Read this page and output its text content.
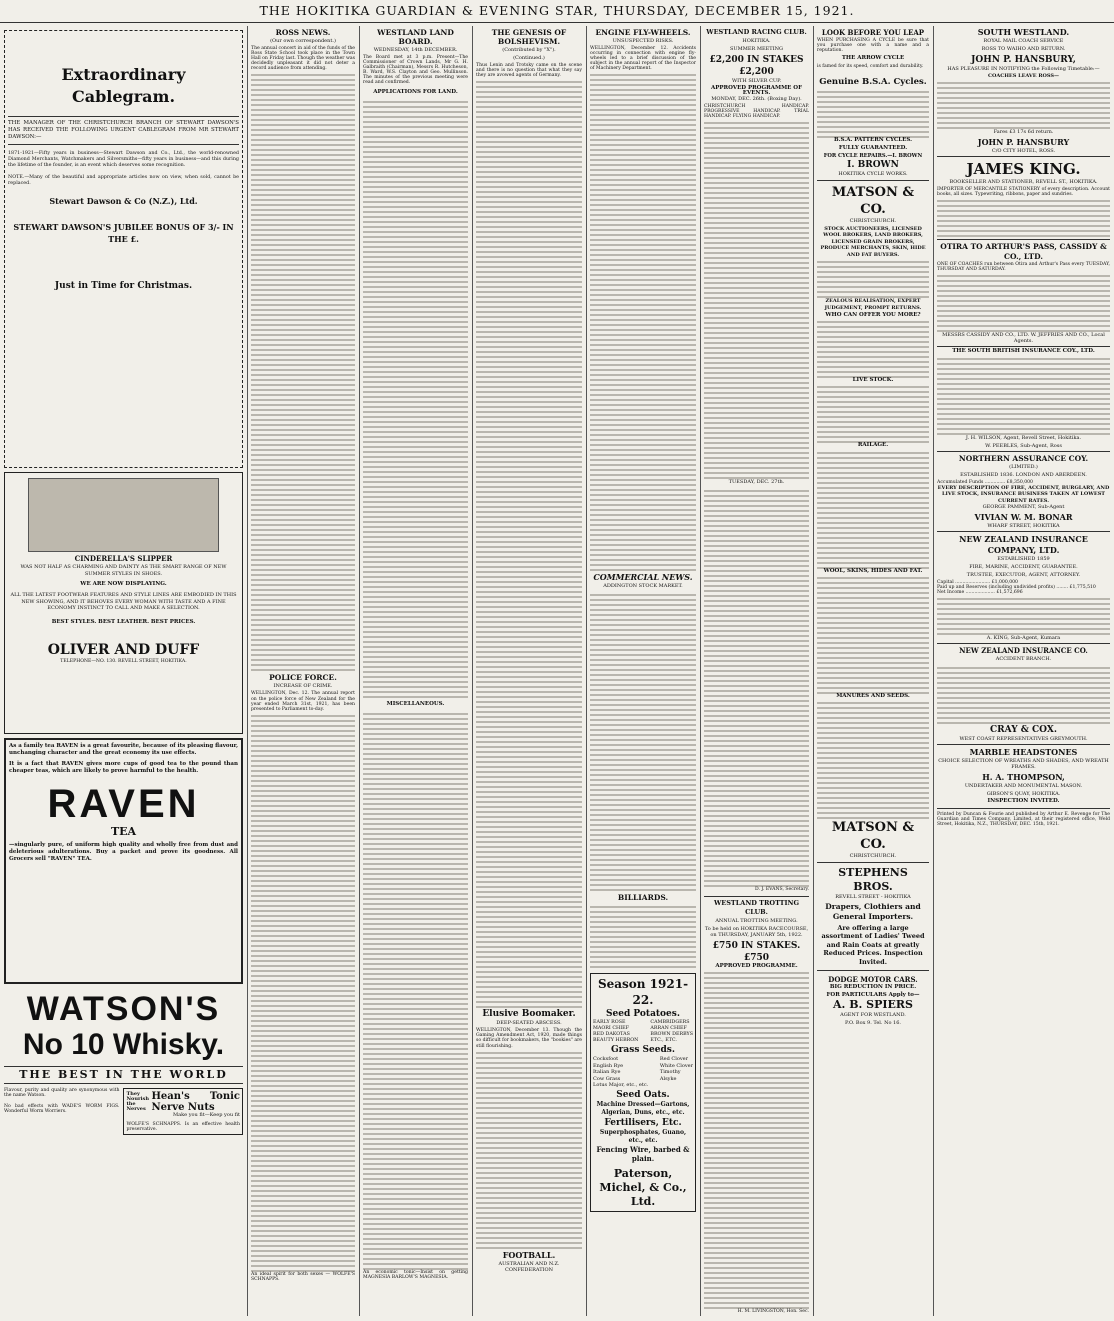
THE HOKITIKA GUARDIAN & EVENING STAR, THURSDAY, DECEMBER 15, 1921.
Extraordinary Cablegram.
THE MANAGER OF THE CHRISTCHURCH BRANCH OF STEWART DAWSON'S HAS RECEIVED THE FOLLOWING URGENT CABLEGRAM FROM MR STEWART DAWSON:—
1871-1921—Fifty years in business—Stewart Dawson and Co., Ltd., the world-renowned Diamond Merchants, Watchmakers and Silversmiths—fifty years in business—and this during the lifetime of the founder, is an event which deserves some recognition.
NOTE.—Many of the beautiful and appropriate articles now on view, when sold, cannot be replaced.
Stewart Dawson & Co (N.Z.), Ltd.
STEWART DAWSON'S JUBILEE BONUS OF 3/- IN THE £.
Just in Time for Christmas.
CINDERELLA'S SLIPPER
WAS NOT HALF AS CHARMING AND DAINTY AS THE SMART RANGE OF NEW SUMMER STYLES IN SHOES.
WE ARE NOW DISPLAYING.
ALL THE LATEST FOOTWEAR FEATURES AND STYLE LINES ARE EMBODIED IN THIS NEW SHOWING, AND IT BEHOVES EVERY WOMAN WITH TASTE AND A FINE ECONOMY INSTINCT TO CALL AND MAKE A SELECTION.
BEST STYLES. BEST LEATHER. BEST PRICES.
OLIVER AND DUFF
TELEPHONE—NO. 130. REVELL STREET, HOKITIKA.
As a family tea RAVEN is a great favourite, because of its pleasing flavour, unchanging character and the great economy its use effects.
It is a fact that RAVEN gives more cups of good tea to the pound than cheaper teas, which are likely to prove harmful to the health.
RAVEN
TEA
—singularly pure, of uniform high quality and wholly free from dust and deleterious adulterations. Buy a packet and prove its goodness. All Grocers sell "RAVEN" TEA.
WATSON'S
No 10 Whisky.
THE BEST IN THE WORLD
Flavour, purity and quality are synonymous with the name Watson.
No bad effects with WADE'S WORM FIGS. Wonderful Worm Worriers.
They Nourish the Nerves
Hean's Tonic Nerve Nuts
Make you fit—Keep you fit
WOLFE'S SCHNAPPS. Is an effective health preservative.
ROSS NEWS.
(Our own correspondent.)
The annual concert in aid of the funds of the Ross State School took place in the Town Hall on Friday last. Though the weather was decidedly unpleasant it did not deter a record audience from attending.
POLICE FORCE.
INCREASE OF CRIME.
WELLINGTON, Dec. 12. The annual report on the police force of New Zealand for the year ended March 31st, 1921, has been presented to Parliament to-day.
An ideal spirit for both sexes — WOLFE'S SCHNAPPS.
WESTLAND LAND BOARD.
WEDNESDAY, 14th DECEMBER.
The Board met at 3 p.m. Present—The Commissioner of Crown Lands, Mr G. H. Galbraith (Chairman), Messrs R. Hutcheson, B. Ward, W.S. Clayton and Geo. Mullinson. The minutes of the previous meeting were read and confirmed.
APPLICATIONS FOR LAND.
MISCELLANEOUS.
An economic tonic—Insist on getting MAGNESIA BARLOW'S MAGNESIA.
THE GENESIS OF BOLSHEVISM.
(Contributed by "X").
(Continued.)
Thus Lenin and Trotsky came on the scene and there is no question that what they say they are avowed agents of Germany.
Elusive Boomaker.
DEEP-SEATED ABSCESS.
WELLINGTON, December 13. Though the Gaming Amendment Act, 1920, made things so difficult for bookmakers, the "bookies" are still flourishing.
FOOTBALL.
AUSTRALIAN AND N.Z. CONFEDERATION
ENGINE FLY-WHEELS.
UNSUSPECTED RISKS.
WELLINGTON, December 12. Accidents occurring in connection with engine fly-wheels led to a brief discussion of the subject in the annual report of the Inspector of Machinery Department.
COMMERCIAL NEWS.
ADDINGTON STOCK MARKET.
BILLIARDS.
Season 1921-22.
Seed Potatoes.
EARLY ROSE
MAORI CHIEF
RED DAKOTAS
BEAUTY HEBRON
CAMBRIDGERS
ARRAN CHIEF
BROWN DERBYS
ETC., ETC.
Grass Seeds.
Cocksfoot
English Rye
Italian Rye
Cow Grass
Lotus Major, etc., etc.
Red Clover
White Clover
Timothy
Alsyke
Seed Oats.
Machine Dressed—Gartons, Algerian, Duns, etc., etc.
Fertilisers, Etc.
Superphosphates, Guano, etc., etc.
Fencing Wire, barbed & plain.
Paterson, Michel, & Co., Ltd.
WESTLAND RACING CLUB.
HOKITIKA.
SUMMER MEETING
£2,200 IN STAKES £2,200
WITH SILVER CUP.
APPROVED PROGRAMME OF EVENTS.
MONDAY, DEC. 26th. (Boxing Day).
CHRISTCHURCH HANDICAP. PROGRESSIVE HANDICAP. TRIAL HANDICAP. FLYING HANDICAP.
TUESDAY, DEC. 27th.
D. J. EVANS, Secretary.
WESTLAND TROTTING CLUB.
ANNUAL TROTTING MEETING.
To be held on HOKITIKA RACECOURSE, on THURSDAY, JANUARY 5th, 1922.
£750 IN STAKES. £750
APPROVED PROGRAMME.
H. M. LIVINGSTON, Hon. Sec.
LOOK BEFORE YOU LEAP
WHEN PURCHASING A CYCLE be sure that you purchase one with a name and a reputation.
THE ARROW CYCLE
is famed for its speed, comfort and durability.
Genuine B.S.A. Cycles.
B.S.A. PATTERN CYCLES.
FULLY GUARANTEED.
FOR CYCLE REPAIRS.—I. BROWN
I. BROWN
HOKITIKA CYCLE WORKS.
MATSON & CO.
CHRISTCHURCH.
STOCK AUCTIONEERS, LICENSED WOOL BROKERS, LAND BROKERS, LICENSED GRAIN BROKERS, PRODUCE MERCHANTS, SKIN, HIDE AND FAT BUYERS.
ZEALOUS REALISATION, EXPERT JUDGEMENT, PROMPT RETURNS.
WHO CAN OFFER YOU MORE?
LIVE STOCK.
RAILAGE.
WOOL, SKINS, HIDES AND FAT.
MANURES AND SEEDS.
MATSON & CO.
CHRISTCHURCH.
STEPHENS BROS.
REVELL STREET - HOKITIKA
Drapers, Clothiers and General Importers.
Are offering a large assortment of Ladies' Tweed and Rain Coats at greatly Reduced Prices. Inspection Invited.
DODGE MOTOR CARS.
BIG REDUCTION IN PRICE.
FOR PARTICULARS Apply to—
A. B. SPIERS
AGENT FOR WESTLAND.
P.O. Box 9. Tel. No 16.
SOUTH WESTLAND.
ROYAL MAIL COACH SERVICE
ROSS TO WAIHO AND RETURN.
JOHN P. HANSBURY,
HAS PLEASURE IN NOTIFYING the Following Timetable:—
COACHES LEAVE ROSS—
Fares £3 17s 6d return.
JOHN P. HANSBURY
C/O CITY HOTEL, ROSS.
JAMES KING.
BOOKSELLER AND STATIONER, REVELL ST., HOKITIKA.
IMPORTER OF MERCANTILE STATIONERY of every description. Account books, all sizes. Typewriting, ribbons, paper and sundries.
OTIRA TO ARTHUR'S PASS, CASSIDY & CO., LTD.
ONE OF COACHES run between Otira and Arthur's Pass every TUESDAY, THURSDAY AND SATURDAY.
MESSRS CASSIDY AND CO., LTD. W. JEFFRIES AND CO., Local Agents.
THE SOUTH BRITISH INSURANCE COY., LTD.
J. H. WILSON, Agent, Revell Street, Hokitika.
W. PEEBLES, Sub-Agent, Ross
NORTHERN ASSURANCE COY.
(LIMITED.)
ESTABLISHED 1836. LONDON AND ABERDEEN.
Accumulated Funds .............. £8,350,000
EVERY DESCRIPTION OF FIRE, ACCIDENT, BURGLARY, AND LIVE STOCK, INSURANCE BUSINESS TAKEN AT LOWEST CURRENT RATES.
GEORGE PAMMENT, Sub-Agent
VIVIAN W. M. BONAR
WHARF STREET, HOKITIKA
NEW ZEALAND INSURANCE COMPANY, LTD.
ESTABLISHED 1859
FIRE, MARINE, ACCIDENT, GUARANTEE.
TRUSTEE, EXECUTOR, AGENT, ATTORNEY.
Capital ........................ £1,000,000
Paid up and Reserves (including undivided profits) ........ £1,775,510
Net Income .................... £1,572,696
A. KING, Sub-Agent, Kumara
NEW ZEALAND INSURANCE CO.
ACCIDENT BRANCH.
CRAY & COX.
WEST COAST REPRESENTATIVES GREYMOUTH.
MARBLE HEADSTONES
CHOICE SELECTION OF WREATHS AND SHADES, AND WREATH FRAMES.
H. A. THOMPSON,
UNDERTAKER AND MONUMENTAL MASON.
GIBSON'S QUAY, HOKITIKA.
INSPECTION INVITED.
Printed by Duncan & Fourie and published by Arthur E. Revenge for The Guardian and Times Company, Limited, at their registered office, Weld Street, Hokitika, N.Z., THURSDAY, DEC. 15th, 1921.
